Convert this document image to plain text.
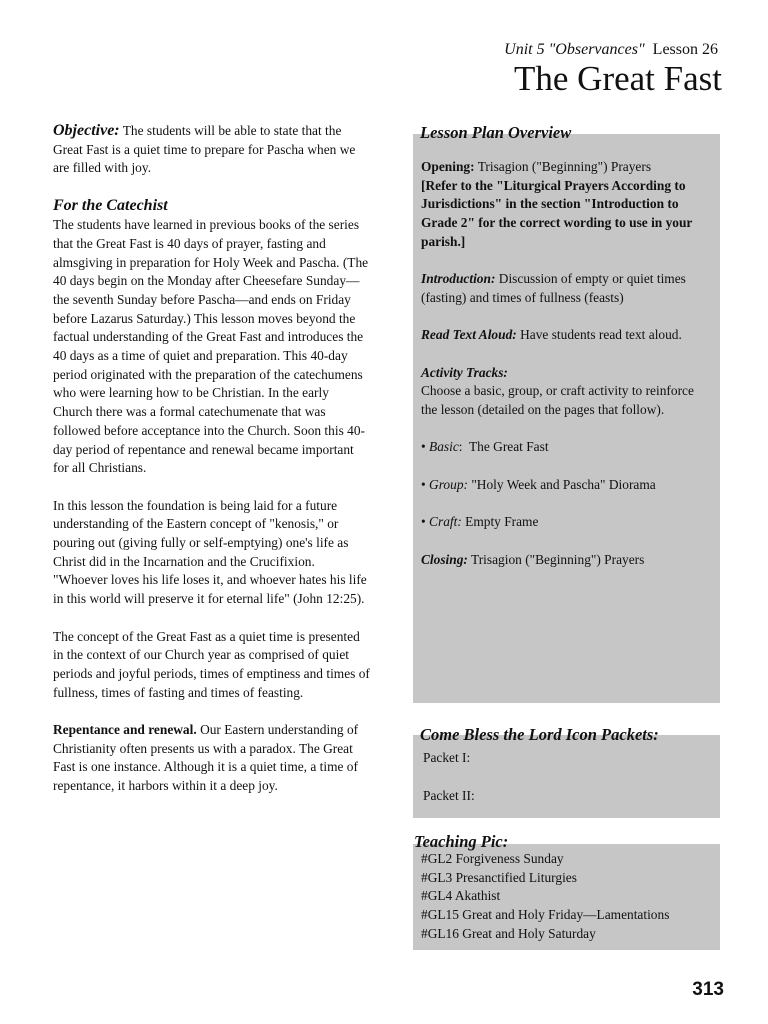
Unit 5 "Observances" Lesson 26
The Great Fast

Objective: The students will be able to state that the Great Fast is a quiet time to prepare for Pascha when we are filled with joy.

For the Catechist

The students have learned in previous books of the series that the Great Fast is 40 days of prayer, fasting and almsgiving in preparation for Holy Week and Pascha. (The 40 days begin on the Monday after Cheesefare Sunday—the seventh Sunday before Pascha—and ends on Friday before Lazarus Saturday.) This lesson moves beyond the factual understanding of the Great Fast and introduces the 40 days as a time of quiet and preparation. This 40-day period originated with the preparation of the catechumens who were learning how to be Christian. In the early Church there was a formal catechumenate that was followed before acceptance into the Church. Soon this 40-day period of repentance and renewal became important for all Christians.

In this lesson the foundation is being laid for a future understanding of the Eastern concept of "kenosis," or pouring out (giving fully or self-emptying) one's life as Christ did in the Incarnation and the Crucifixion. "Whoever loves his life loses it, and whoever hates his life in this world will preserve it for eternal life" (John 12:25).

The concept of the Great Fast as a quiet time is presented in the context of our Church year as comprised of quiet periods and joyful periods, times of emptiness and times of fullness, times of fasting and times of feasting.

Repentance and renewal. Our Eastern understanding of Christianity often presents us with a paradox. The Great Fast is one instance. Although it is a quiet time, a time of repentance, it harbors within it a deep joy.

Lesson Plan Overview

Opening: Trisagion ("Beginning") Prayers

[Refer to the "Liturgical Prayers According to Jurisdictions" in the section "Introduction to Grade 2" for the correct wording to use in your parish.]

Introduction: Discussion of empty or quiet times (fasting) and times of fullness (feasts)

Read Text Aloud: Have students read text aloud.

Activity Tracks:

Choose a basic, group, or craft activity to reinforce the lesson (detailed on the pages that follow).

• Basic:  The Great Fast

• Group: "Holy Week and Pascha" Diorama

• Craft: Empty Frame

Closing: Trisagion ("Beginning") Prayers

Come Bless the Lord Icon Packets:
Packet I:
Packet II:
Teaching Pic:
#GL2 Forgiveness Sunday
#GL3 Presanctified Liturgies
#GL4 Akathist
#GL15 Great and Holy Friday—Lamentations
#GL16 Great and Holy Saturday
313
